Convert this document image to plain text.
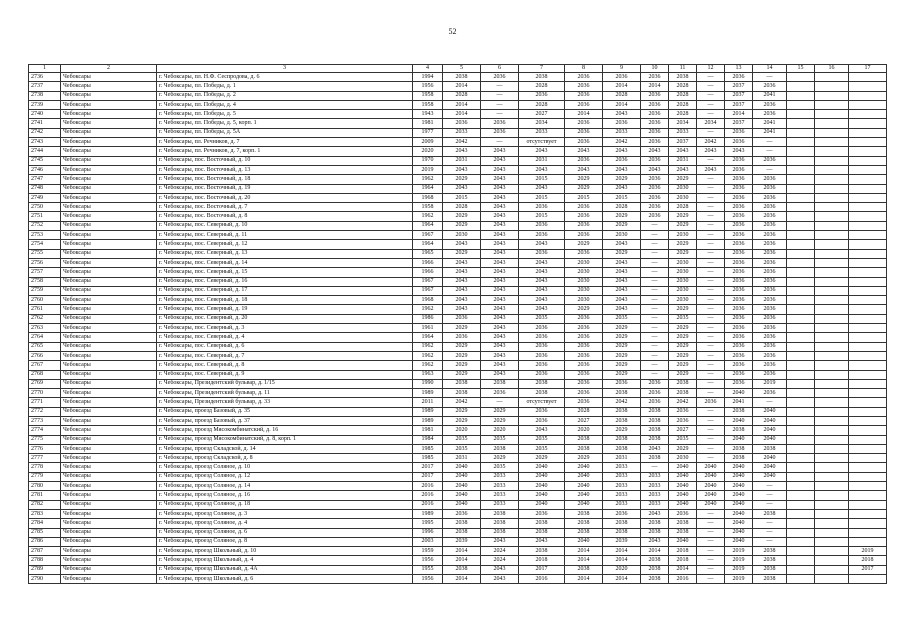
52
1	2	3	4	5	6	7	8	9	10	11	12	13	14	15	16	17
2736	Чебоксары	г. Чебоксары, пл. Н.Ф. Сеспродова, д. 6	1994	2038	2036	2038	2036	2036	2036	2038	—	2036	—			
2737	Чебоксары	г. Чебоксары, пл. Победы, д. 1	1956	2014	—	2028	2036	2014	2014	2028	—	2037	2036			
2738	Чебоксары	г. Чебоксары, пл. Победы, д. 2	1958	2028	—	2036	2036	2028	2036	2028	—	2037	2041			
2739	Чебоксары	г. Чебоксары, пл. Победы, д. 4	1958	2014	—	2028	2036	2014	2036	2028	—	2037	2036			
2740	Чебоксары	г. Чебоксары, пл. Победы, д. 5	1943	2014	—	2027	2014	2043	2036	2028	—	2014	2036			
2741	Чебоксары	г. Чебоксары, пл. Победы, д. 5, корп. 1	1981	2036	2036	2034	2036	2036	2036	2034	2034	2037	2041			
2742	Чебоксары	г. Чебоксары, пл. Победы, д. 5А	1977	2033	2036	2033	2036	2033	2036	2033	—	2036	2041			
2743	Чебоксары	г. Чебоксары, пл. Речников, д. 7	2009	2042	—	отсутствует	2036	2042	2036	2037	2042	2036	—			
2744	Чебоксары	г. Чебоксары, пл. Речников, д. 7, корп. 1	2020	2043	2043	2043	2043	2043	2043	2043	2043	2043	—			
2745	Чебоксары	г. Чебоксары, пос. Восточный, д. 10	1970	2031	2043	2031	2036	2036	2036	2031	—	2036	2036			
2746	Чебоксары	г. Чебоксары, пос. Восточный, д. 13	2019	2043	2043	2043	2043	2043	2043	2043	2043	2036	—			
2747	Чебоксары	г. Чебоксары, пос. Восточный, д. 18	1962	2029	2043	2015	2029	2029	2036	2029	—	2036	2036			
2748	Чебоксары	г. Чебоксары, пос. Восточный, д. 19	1964	2043	2043	2043	2029	2043	2036	2030	—	2036	2036			
2749	Чебоксары	г. Чебоксары, пос. Восточный, д. 20	1968	2015	2043	2015	2015	2015	2036	2030	—	2036	2036			
2750	Чебоксары	г. Чебоксары, пос. Восточный, д. 7	1958	2028	2043	2036	2036	2028	2036	2028	—	2036	2036			
2751	Чебоксары	г. Чебоксары, пос. Восточный, д. 8	1962	2029	2043	2015	2036	2029	2036	2029	—	2036	2036			
2752	Чебоксары	г. Чебоксары, пос. Северный, д. 10	1964	2029	2043	2036	2036	2029	—	2029	—	2036	2036			
2753	Чебоксары	г. Чебоксары, пос. Северный, д. 11	1967	2030	2043	2036	2036	2030	—	2030	—	2036	2036			
2754	Чебоксары	г. Чебоксары, пос. Северный, д. 12	1964	2043	2043	2043	2029	2043	—	2029	—	2036	2036			
2755	Чебоксары	г. Чебоксары, пос. Северный, д. 13	1965	2029	2043	2036	2036	2029	—	2029	—	2036	2036			
2756	Чебоксары	г. Чебоксары, пос. Северный, д. 14	1966	2043	2043	2043	2030	2043	—	2030	—	2036	2036			
2757	Чебоксары	г. Чебоксары, пос. Северный, д. 15	1966	2043	2043	2043	2030	2043	—	2030	—	2036	2036			
2758	Чебоксары	г. Чебоксары, пос. Северный, д. 16	1967	2043	2043	2043	2030	2043	—	2030	—	2036	2036			
2759	Чебоксары	г. Чебоксары, пос. Северный, д. 17	1967	2043	2043	2043	2030	2043	—	2030	—	2036	2036			
2760	Чебоксары	г. Чебоксары, пос. Северный, д. 18	1968	2043	2043	2043	2030	2043	—	2030	—	2036	2036			
2761	Чебоксары	г. Чебоксары, пос. Северный, д. 19	1962	2043	2043	2043	2029	2043	—	2029	—	2036	2036			
2762	Чебоксары	г. Чебоксары, пос. Северный, д. 20	1986	2036	2043	2035	2036	2035	—	2035	—	2036	2036			
2763	Чебоксары	г. Чебоксары, пос. Северный, д. 3	1961	2029	2043	2036	2036	2029	—	2029	—	2036	2036			
2764	Чебоксары	г. Чебоксары, пос. Северный, д. 4	1964	2036	2043	2036	2036	2029	—	2029	—	2036	2036			
2765	Чебоксары	г. Чебоксары, пос. Северный, д. 6	1962	2029	2043	2036	2036	2029	—	2029	—	2036	2036			
2766	Чебоксары	г. Чебоксары, пос. Северный, д. 7	1962	2029	2043	2036	2036	2029	—	2029	—	2036	2036			
2767	Чебоксары	г. Чебоксары, пос. Северный, д. 8	1962	2029	2043	2036	2036	2029	—	2029	—	2036	2036			
2768	Чебоксары	г. Чебоксары, пос. Северный, д. 9	1963	2029	2043	2036	2036	2029	—	2029	—	2036	2036			
2769	Чебоксары	г. Чебоксары, Президентский бульвар, д. 1/15	1990	2038	2038	2038	2036	2036	2036	2038	—	2036	2019			
2770	Чебоксары	г. Чебоксары, Президентский бульвар, д. 11	1989	2038	2036	2038	2036	2038	2036	2038	—	2040	2036			
2771	Чебоксары	г. Чебоксары, Президентский бульвар, д. 33	2011	2042	—	отсутствует	2036	2042	2036	2042	2036	2041	—			
2772	Чебоксары	г. Чебоксары, проезд Базовый, д. 35	1989	2029	2029	2036	2028	2038	2038	2036	—	2038	2040			
2773	Чебоксары	г. Чебоксары, проезд Базовый, д. 37	1989	2029	2029	2036	2027	2038	2038	2036	—	2040	2040			
2774	Чебоксары	г. Чебоксары, проезд Мясокомбинатский, д. 16	1981	2020	2020	2043	2020	2029	2038	2027	—	2038	2040			
2775	Чебоксары	г. Чебоксары, проезд Мясокомбинатский, д. 8, корп. 1	1984	2035	2035	2035	2038	2038	2038	2035	—	2040	2040			
2776	Чебоксары	г. Чебоксары, проезд Складской, д. 14	1985	2035	2038	2035	2038	2038	2043	2029	—	2038	2038			
2777	Чебоксары	г. Чебоксары, проезд Складской, д. 8	1985	2031	2029	2029	2029	2031	2038	2030	—	2038	2040			
2778	Чебоксары	г. Чебоксары, проезд Соляное, д. 10	2017	2040	2035	2040	2040	2033	—	2040	2040	2040	2040			
2779	Чебоксары	г. Чебоксары, проезд Соляное, д. 12	2017	2040	2033	2040	2040	2033	2033	2040	2040	2040	2040			
2780	Чебоксары	г. Чебоксары, проезд Соляное, д. 14	2016	2040	2033	2040	2040	2033	2033	2040	2040	2040	—			
2781	Чебоксары	г. Чебоксары, проезд Соляное, д. 16	2016	2040	2033	2040	2040	2033	2033	2040	2040	2040	—			
2782	Чебоксары	г. Чебоксары, проезд Соляное, д. 18	2016	2040	2033	2040	2040	2033	2033	2040	2040	2040	—			
2783	Чебоксары	г. Чебоксары, проезд Соляное, д. 3	1989	2036	2038	2036	2038	2036	2043	2036	—	2040	2038			
2784	Чебоксары	г. Чебоксары, проезд Соляное, д. 4	1995	2038	2038	2038	2038	2038	2038	2038	—	2040	—			
2785	Чебоксары	г. Чебоксары, проезд Соляное, д. 6	1996	2038	2038	2038	2038	2038	2038	2038	—	2040	—			
2786	Чебоксары	г. Чебоксары, проезд Соляное, д. 8	2003	2039	2043	2043	2040	2039	2043	2040	—	2040	—			
2787	Чебоксары	г. Чебоксары, проезд Школьный, д. 10	1959	2014	2024	2038	2014	2014	2014	2018	—	2019	2038			2019
2788	Чебоксары	г. Чебоксары, проезд Школьный, д. 4	1956	2014	2024	2018	2014	2014	2038	2018	—	2019	2038			2018
2789	Чебоксары	г. Чебоксары, проезд Школьный, д. 4А	1955	2038	2043	2017	2038	2020	2038	2014	—	2019	2038			2017
2790	Чебоксары	г. Чебоксары, проезд Школьный, д. 6	1956	2014	2043	2016	2014	2014	2038	2016	—	2019	2038			
